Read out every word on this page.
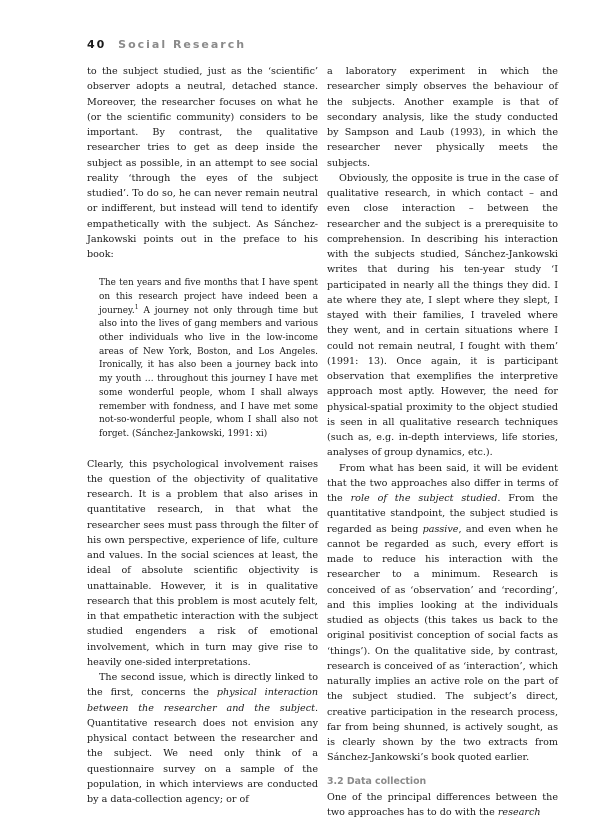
40 Social Research

to the subject studied, just as the ‘scientific’ observer adopts a neutral, detached stance. Moreover, the researcher focuses on what he (or the scientific community) considers to be important. By contrast, the qualitative researcher tries to get as deep inside the subject as possible, in an attempt to see social reality ‘through the eyes of the subject studied’. To do so, he can never remain neutral or indifferent, but instead will tend to identify empathetically with the subject. As Sánchez-Jankowski points out in the preface to his book:

The ten years and five months that I have spent on this research project have indeed been a journey.$^1$ A journey not only through time but also into the lives of gang members and various other individuals who live in the low-income areas of New York, Boston, and Los Angeles. Ironically, it has also been a journey back into my youth … throughout this journey I have met some wonderful people, whom I shall always remember with fondness, and I have met some not-so-wonderful people, whom I shall also not forget. (Sánchez-Jankowski, 1991: xi)

Clearly, this psychological involvement raises the question of the objectivity of qualitative research. It is a problem that also arises in quantitative research, in that what the researcher sees must pass through the filter of his own perspective, experience of life, culture and values. In the social sciences at least, the ideal of absolute scientific objectivity is unattainable. However, it is in qualitative research that this problem is most acutely felt, in that empathetic interaction with the subject studied engenders a risk of emotional involvement, which in turn may give rise to heavily one-sided interpretations.

The second issue, which is directly linked to the first, concerns the physical interaction between the researcher and the subject. Quantitative research does not envision any physical contact between the researcher and the subject. We need only think of a questionnaire survey on a sample of the population, in which interviews are conducted by a data-collection agency; or of

a laboratory experiment in which the researcher simply observes the behaviour of the subjects. Another example is that of secondary analysis, like the study conducted by Sampson and Laub (1993), in which the researcher never physically meets the subjects.

Obviously, the opposite is true in the case of qualitative research, in which contact – and even close interaction – between the researcher and the subject is a prerequisite to comprehension. In describing his interaction with the subjects studied, Sánchez-Jankowski writes that during his ten-year study ‘I participated in nearly all the things they did. I ate where they ate, I slept where they slept, I stayed with their families, I traveled where they went, and in certain situations where I could not remain neutral, I fought with them’ (1991: 13). Once again, it is participant observation that exemplifies the interpretive approach most aptly. However, the need for physical-spatial proximity to the object studied is seen in all qualitative research techniques (such as, e.g. in-depth interviews, life stories, analyses of group dynamics, etc.).

From what has been said, it will be evident that the two approaches also differ in terms of the role of the subject studied. From the quantitative standpoint, the subject studied is regarded as being passive, and even when he cannot be regarded as such, every effort is made to reduce his interaction with the researcher to a minimum. Research is conceived of as ‘observation’ and ‘recording’, and this implies looking at the individuals studied as objects (this takes us back to the original positivist conception of social facts as ‘things’). On the qualitative side, by contrast, research is conceived of as ‘interaction’, which naturally implies an active role on the part of the subject studied. The subject’s direct, creative participation in the research process, far from being shunned, is actively sought, as is clearly shown by the two extracts from Sánchez-Jankowski’s book quoted earlier.

3.2 Data collection

One of the principal differences between the two approaches has to do with the research
